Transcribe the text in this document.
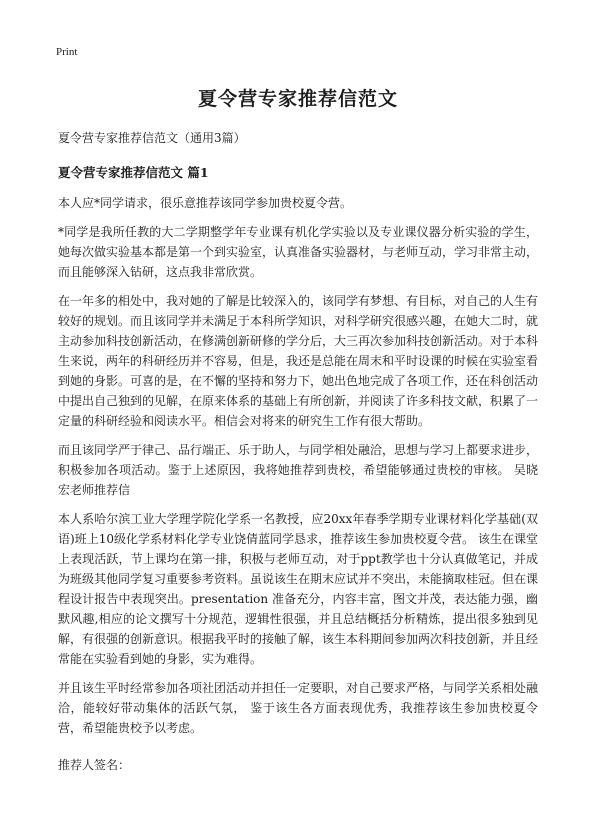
Print
夏令营专家推荐信范文
夏令营专家推荐信范文（通用3篇）
夏令营专家推荐信范文 篇1

本人应*同学请求，很乐意推荐该同学参加贵校夏令营。

*同学是我所任教的大二学期整学年专业课有机化学实验以及专业课仪器分析实验的学生，她每次做实验基本都是第一个到实验室，认真准备实验器材，与老师互动，学习非常主动，而且能够深入钻研，这点我非常欣赏。

在一年多的相处中，我对她的了解是比较深入的，该同学有梦想、有目标，对自己的人生有较好的规划。而且该同学并未满足于本科所学知识，对科学研究很感兴趣，在她大二时，就主动参加科技创新活动，在修满创新研修的学分后，大三再次参加科技创新活动。对于本科生来说，两年的科研经历并不容易，但是，我还是总能在周末和平时设课的时候在实验室看到她的身影。可喜的是，在不懈的坚持和努力下，她出色地完成了各项工作，还在科创活动中提出自己独到的见解，在原来体系的基础上有所创新，并阅读了许多科技文献，积累了一定量的科研经验和阅读水平。相信会对将来的研究生工作有很大帮助。

而且该同学严于律己、品行端正、乐于助人，与同学相处融洽，思想与学习上都要求进步，积极参加各项活动。鉴于上述原因，我将她推荐到贵校，希望能够通过贵校的审核。 吴晓宏老师推荐信

本人系哈尔滨工业大学理学院化学系一名教授，应20xx年春季学期专业课材料化学基础(双语)班上10级化学系材料化学专业饶倩蓝同学恳求，推荐该生参加贵校夏令营。 该生在课堂上表现活跃，节上课均在第一排，积极与老师互动，对于ppt教学也十分认真做笔记，并成为班级其他同学复习重要参考资料。虽说该生在期末应试并不突出，未能摘取桂冠。但在课程设计报告中表现突出。presentation 准备充分，内容丰富，图文并茂，表达能力强，幽默风趣,相应的论文撰写十分规范，逻辑性很强，并且总结概括分析精炼，提出很多独到见解，有很强的创新意识。根据我平时的接触了解，该生本科期间参加两次科技创新，并且经常能在实验看到她的身影，实为难得。

并且该生平时经常参加各项社团活动并担任一定要职，对自己要求严格，与同学关系相处融洽，能较好带动集体的活跃气氛， 鉴于该生各方面表现优秀，我推荐该生参加贵校夏令营，希望能贵校予以考虑。

推荐人签名：
